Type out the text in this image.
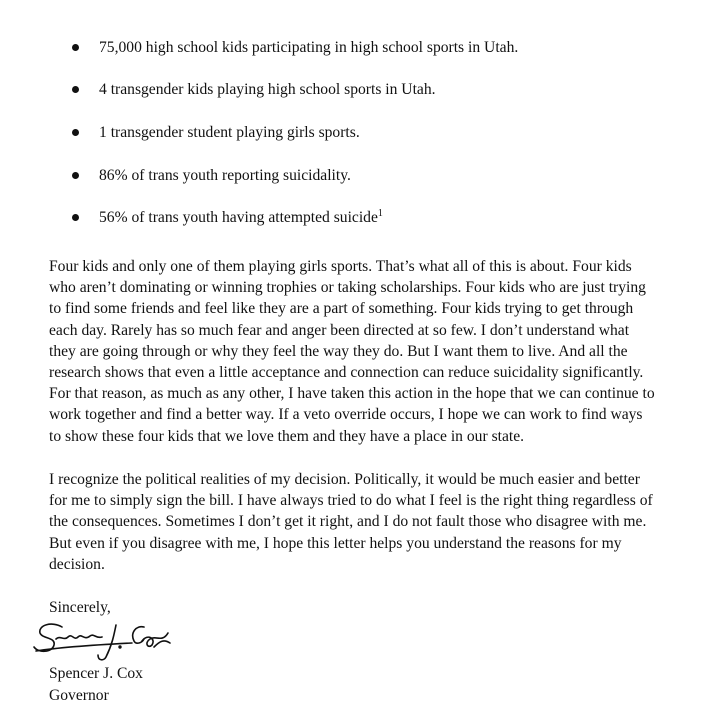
75,000 high school kids participating in high school sports in Utah.
4 transgender kids playing high school sports in Utah.
1 transgender student playing girls sports.
86% of trans youth reporting suicidality.
56% of trans youth having attempted suicide$^1$
Four kids and only one of them playing girls sports. That’s what all of this is about. Four kids
who aren’t dominating or winning trophies or taking scholarships. Four kids who are just trying
to find some friends and feel like they are a part of something. Four kids trying to get through
each day. Rarely has so much fear and anger been directed at so few. I don’t understand what
they are going through or why they feel the way they do. But I want them to live. And all the
research shows that even a little acceptance and connection can reduce suicidality significantly.
For that reason, as much as any other, I have taken this action in the hope that we can continue to
work together and find a better way. If a veto override occurs, I hope we can work to find ways
to show these four kids that we love them and they have a place in our state.
I recognize the political realities of my decision. Politically, it would be much easier and better
for me to simply sign the bill. I have always tried to do what I feel is the right thing regardless of
the consequences. Sometimes I don’t get it right, and I do not fault those who disagree with me.
But even if you disagree with me, I hope this letter helps you understand the reasons for my
decision.
Sincerely,
Spencer J. Cox
Governor
